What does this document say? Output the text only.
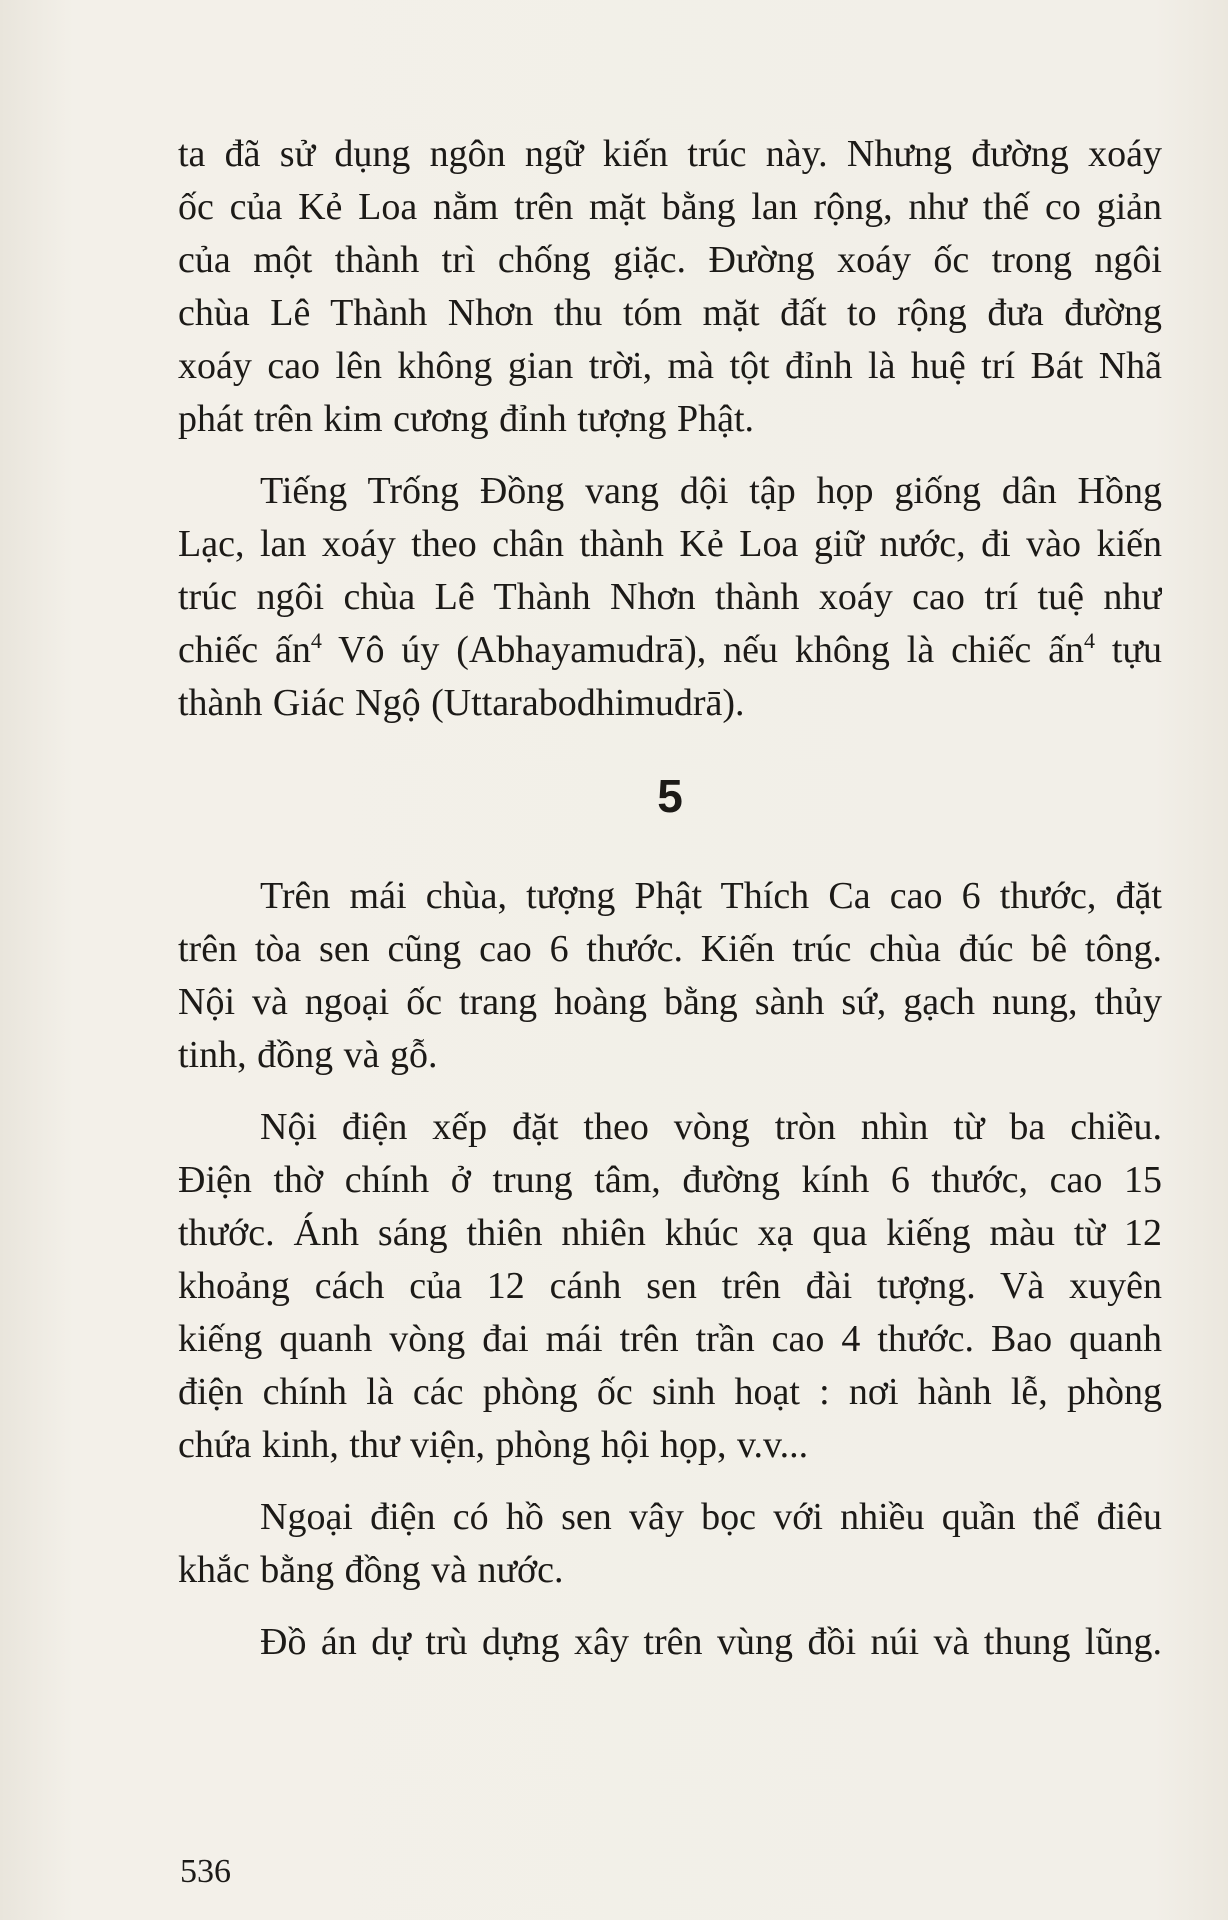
ta đã sử dụng ngôn ngữ kiến trúc này. Nhưng đường xoáy
ốc của Kẻ Loa nằm trên mặt bằng lan rộng, như thế co giản
của một thành trì chống giặc. Đường xoáy ốc trong ngôi
chùa Lê Thành Nhơn thu tóm mặt đất to rộng đưa đường
xoáy cao lên không gian trời, mà tột đỉnh là huệ trí Bát Nhã
phát trên kim cương đỉnh tượng Phật.

Tiếng Trống Đồng vang dội tập họp giống dân Hồng
Lạc, lan xoáy theo chân thành Kẻ Loa giữ nước, đi vào kiến
trúc ngôi chùa Lê Thành Nhơn thành xoáy cao trí tuệ như
chiếc ấn$^4$ Vô úy (Abhayamudrā), nếu không là chiếc ấn$^4$ tựu
thành Giác Ngộ (Uttarabodhimudrā).

5

Trên mái chùa, tượng Phật Thích Ca cao 6 thước, đặt
trên tòa sen cũng cao 6 thước. Kiến trúc chùa đúc bê tông.
Nội và ngoại ốc trang hoàng bằng sành sứ, gạch nung, thủy
tinh, đồng và gỗ.

Nội điện xếp đặt theo vòng tròn nhìn từ ba chiều.
Điện thờ chính ở trung tâm, đường kính 6 thước, cao 15
thước. Ánh sáng thiên nhiên khúc xạ qua kiếng màu từ 12
khoảng cách của 12 cánh sen trên đài tượng. Và xuyên
kiếng quanh vòng đai mái trên trần cao 4 thước. Bao quanh
điện chính là các phòng ốc sinh hoạt : nơi hành lễ, phòng
chứa kinh, thư viện, phòng hội họp, v.v...

Ngoại điện có hồ sen vây bọc với nhiều quần thể điêu
khắc bằng đồng và nước.

Đồ án dự trù dựng xây trên vùng đồi núi và thung lũng.

536
